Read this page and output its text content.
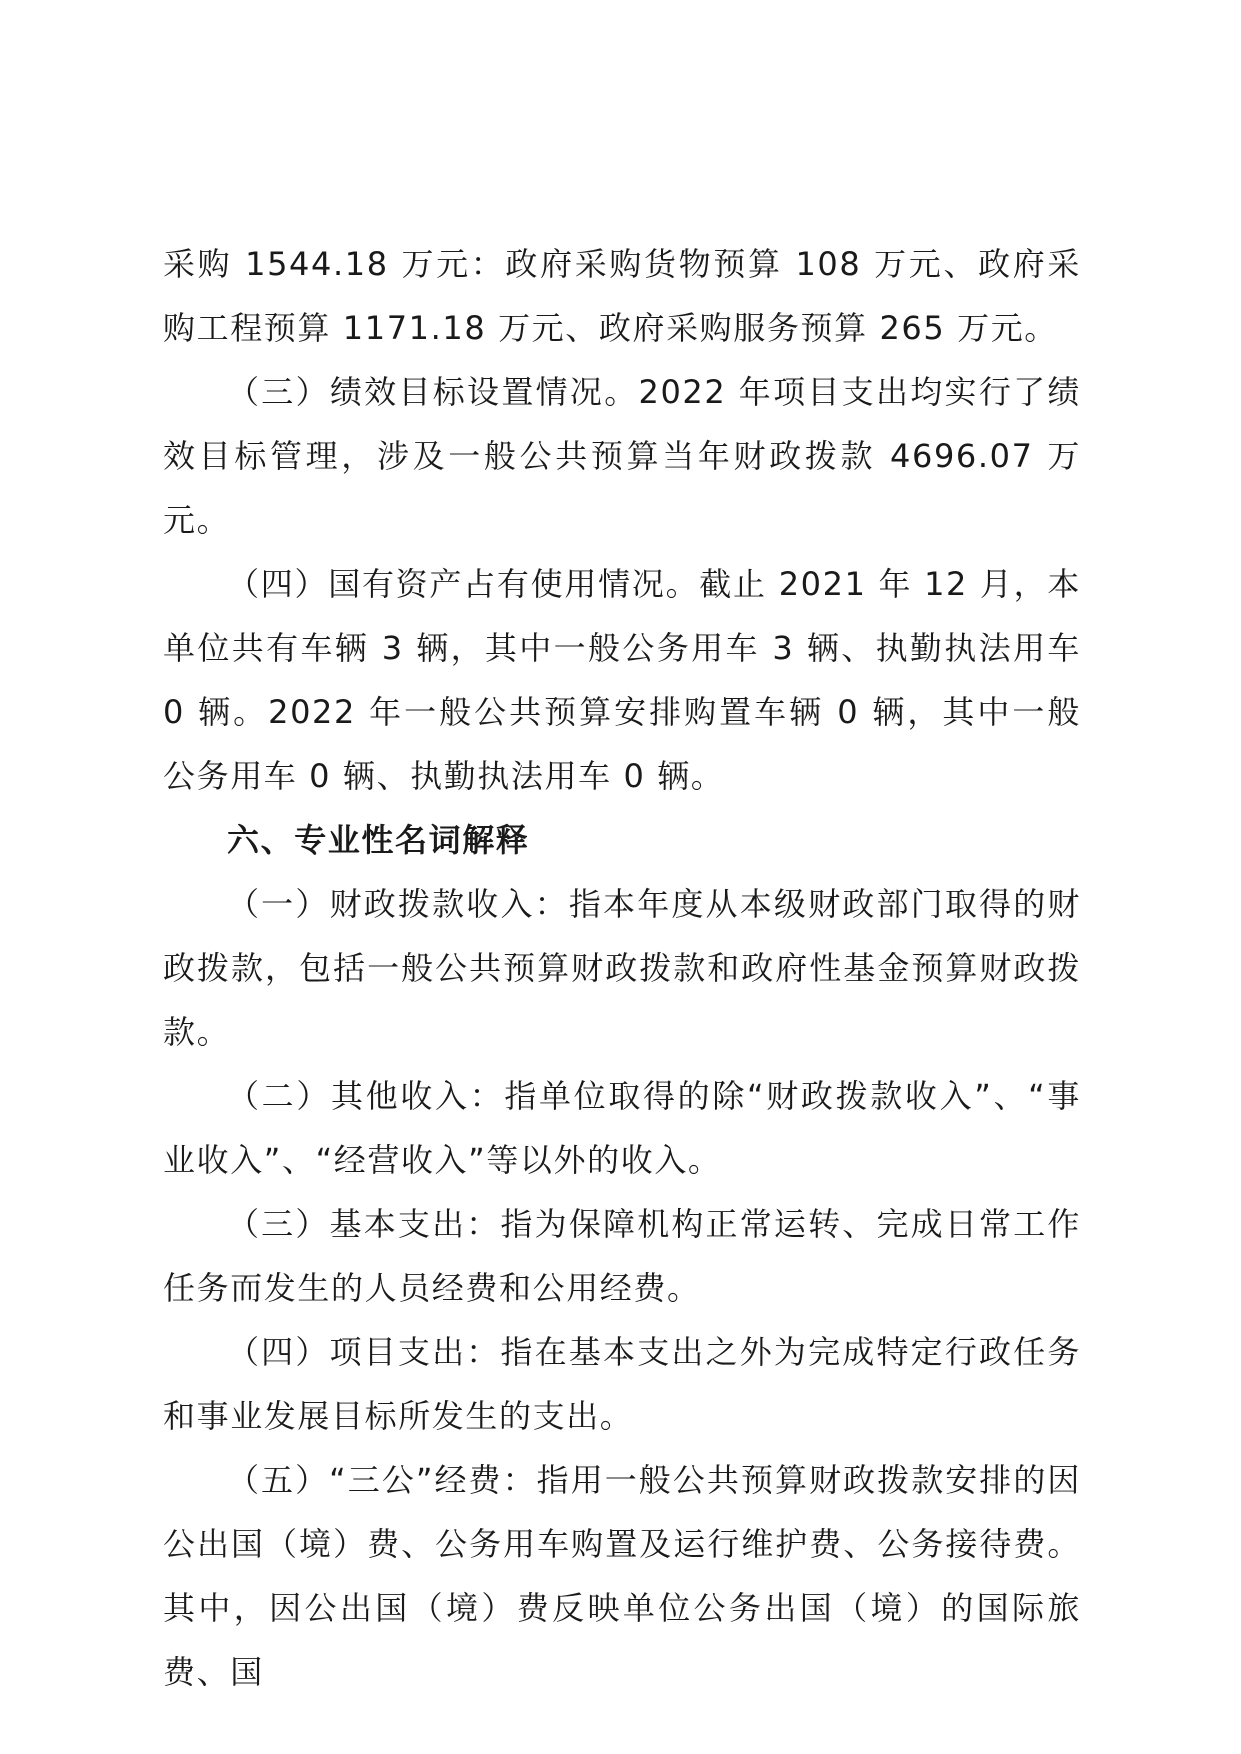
采购 1544.18 万元：政府采购货物预算 108 万元、政府采购工程预算 1171.18 万元、政府采购服务预算 265 万元。

（三）绩效目标设置情况。2022 年项目支出均实行了绩效目标管理，涉及一般公共预算当年财政拨款 4696.07 万元。

（四）国有资产占有使用情况。截止 2021 年 12 月，本单位共有车辆 3 辆，其中一般公务用车 3 辆、执勤执法用车 0 辆。2022 年一般公共预算安排购置车辆 0 辆，其中一般公务用车 0 辆、执勤执法用车 0 辆。

六、专业性名词解释

（一）财政拨款收入：指本年度从本级财政部门取得的财政拨款，包括一般公共预算财政拨款和政府性基金预算财政拨款。

（二）其他收入：指单位取得的除“财政拨款收入”、“事业收入”、“经营收入”等以外的收入。

（三）基本支出：指为保障机构正常运转、完成日常工作任务而发生的人员经费和公用经费。

（四）项目支出：指在基本支出之外为完成特定行政任务和事业发展目标所发生的支出。

（五）“三公”经费：指用一般公共预算财政拨款安排的因公出国（境）费、公务用车购置及运行维护费、公务接待费。其中，因公出国（境）费反映单位公务出国（境）的国际旅费、国
